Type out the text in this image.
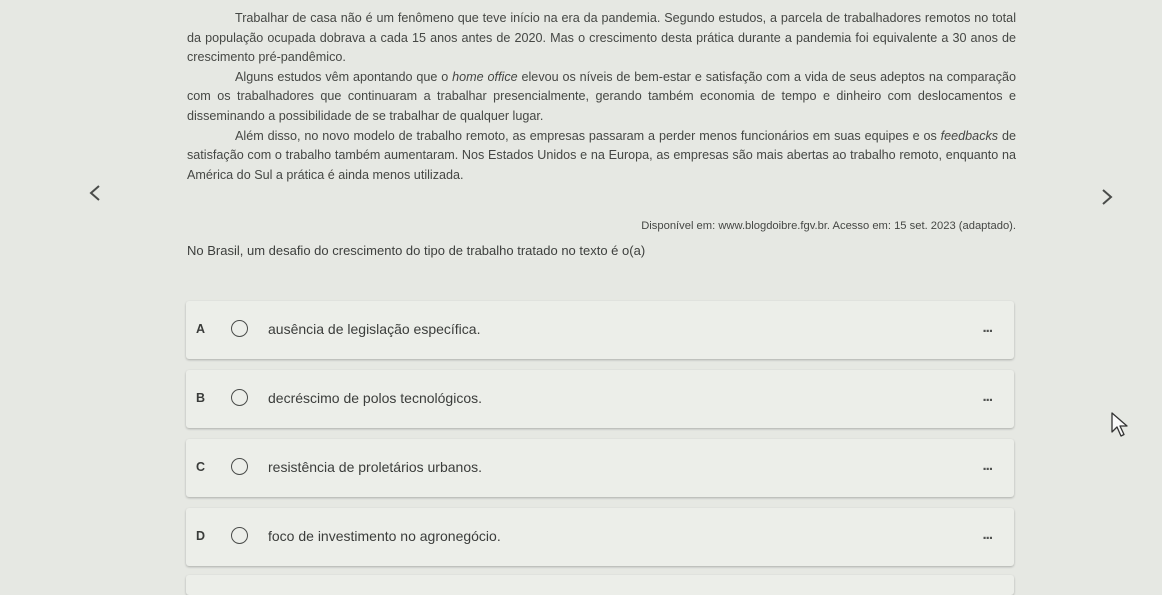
Trabalhar de casa não é um fenômeno que teve início na era da pandemia. Segundo estudos, a parcela de trabalhadores remotos no total da população ocupada dobrava a cada 15 anos antes de 2020. Mas o crescimento desta prática durante a pandemia foi equivalente a 30 anos de crescimento pré-pandêmico.

Alguns estudos vêm apontando que o home office elevou os níveis de bem-estar e satisfação com a vida de seus adeptos na comparação com os trabalhadores que continuaram a trabalhar presencialmente, gerando também economia de tempo e dinheiro com deslocamentos e disseminando a possibilidade de se trabalhar de qualquer lugar.

Além disso, no novo modelo de trabalho remoto, as empresas passaram a perder menos funcionários em suas equipes e os feedbacks de satisfação com o trabalho também aumentaram. Nos Estados Unidos e na Europa, as empresas são mais abertas ao trabalho remoto, enquanto na América do Sul a prática é ainda menos utilizada.

Disponível em: www.blogdoibre.fgv.br. Acesso em: 15 set. 2023 (adaptado).
No Brasil, um desafio do crescimento do tipo de trabalho tratado no texto é o(a)
A	ausência de legislação específica.	...
B	decréscimo de polos tecnológicos.	...
C	resistência de proletários urbanos.	...
D	foco de investimento no agronegócio.	...
